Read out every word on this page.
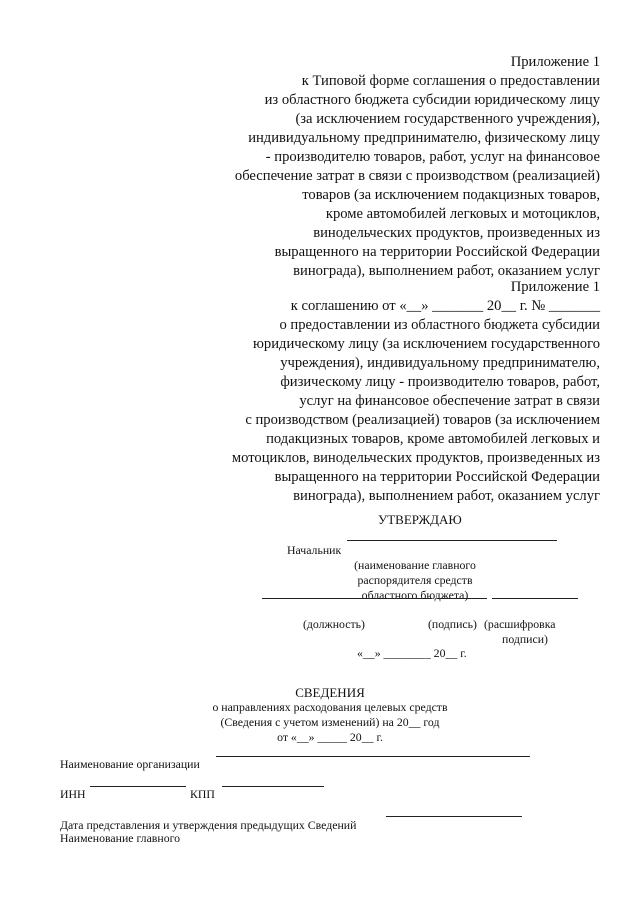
Приложение 1
к Типовой форме соглашения о предоставлении
из областного бюджета субсидии юридическому лицу
(за исключением государственного учреждения),
индивидуальному предпринимателю, физическому лицу
- производителю товаров, работ, услуг на финансовое
обеспечение затрат в связи с производством (реализацией)
товаров (за исключением подакцизных товаров,
кроме автомобилей легковых и мотоциклов,
винодельческих продуктов, произведенных из
выращенного на территории Российской Федерации
винограда), выполнением работ, оказанием услуг
Приложение 1
к соглашению от «__» _______ 20__ г. № _______
о предоставлении из областного бюджета субсидии
юридическому лицу (за исключением государственного
учреждения), индивидуальному предпринимателю,
физическому лицу - производителю товаров, работ,
услуг на финансовое обеспечение затрат в связи
с производством (реализацией) товаров (за исключением
подакцизных товаров, кроме автомобилей легковых и
мотоциклов, винодельческих продуктов, произведенных из
выращенного на территории Российской Федерации
винограда), выполнением работ, оказанием услуг
УТВЕРЖДАЮ
Начальник
(наименование главного
распорядителя средств
областного бюджета)
(должность)	(подпись) (расшифровка
подписи)
«__» ________ 20__ г.
СВЕДЕНИЯ
о направлениях расходования целевых средств
(Сведения с учетом изменений) на 20__ год
от «__» _____ 20__ г.
Наименование организации
ИНН	КПП
Дата представления и утверждения предыдущих Сведений
Наименование главного
